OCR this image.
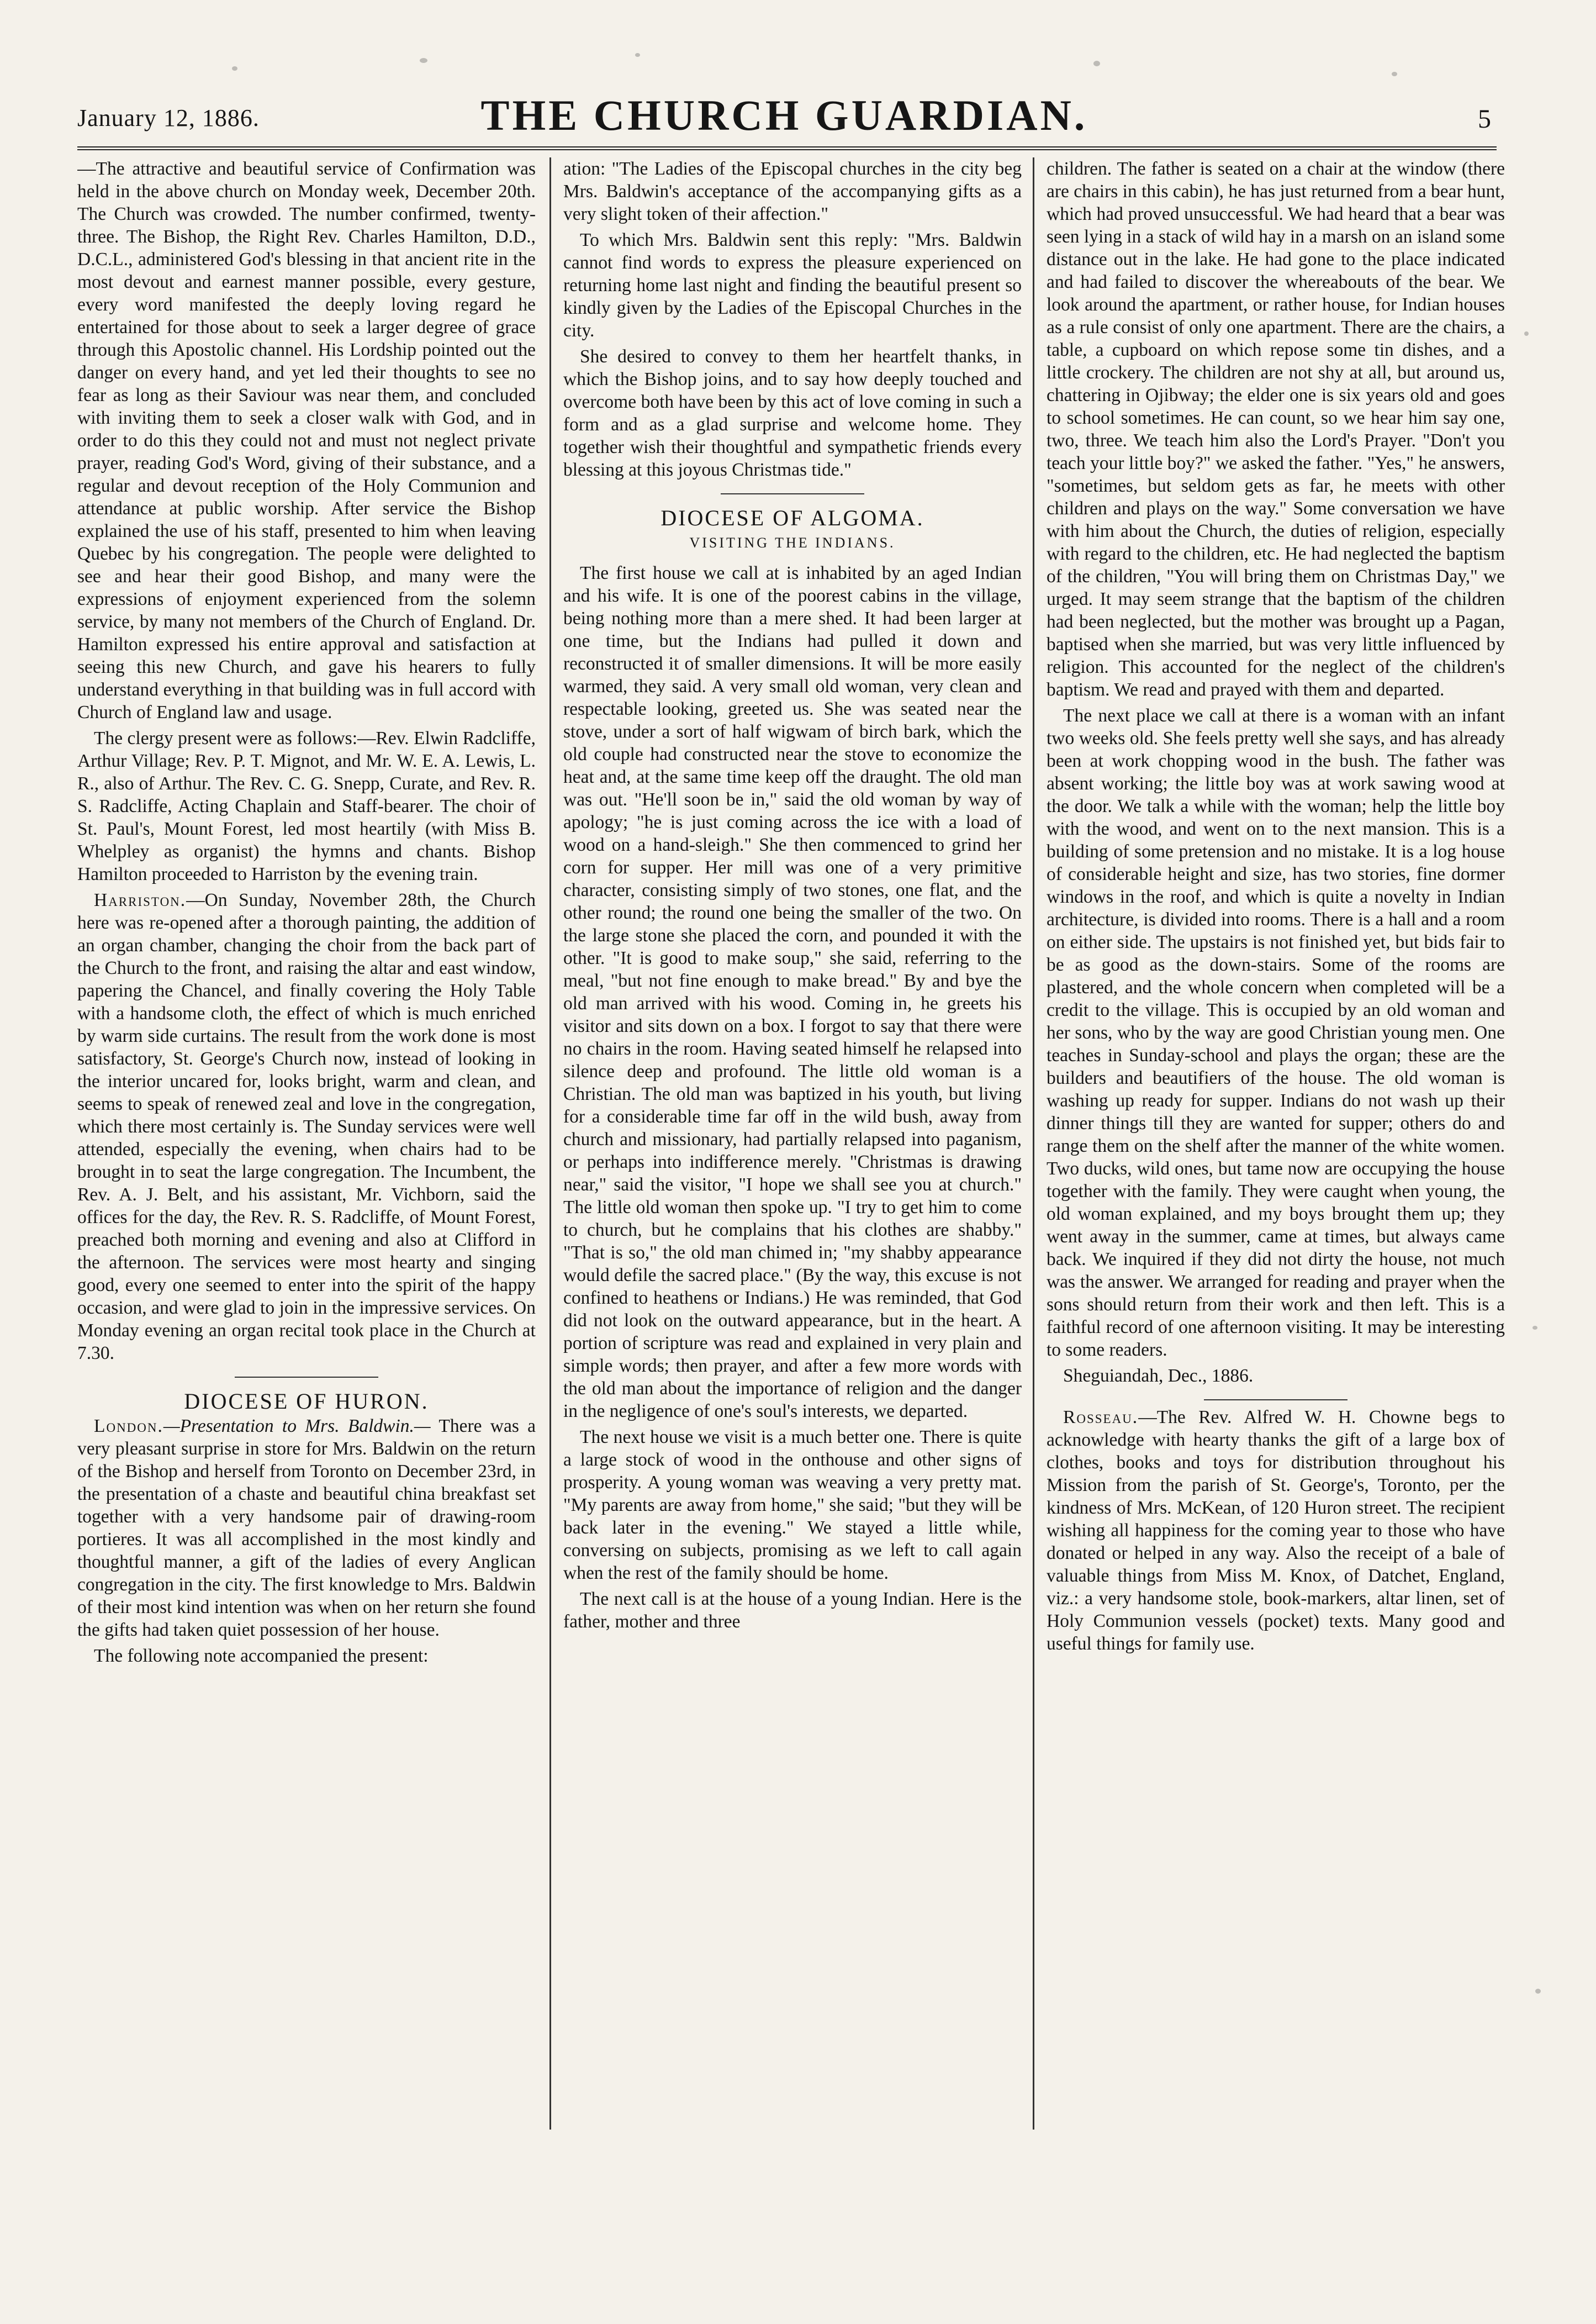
January 12, 1886.	THE CHURCH GUARDIAN.	5

—The attractive and beautiful service of Confirmation was held in the above church on Monday week, December 20th. The Church was crowded. The number confirmed, twenty-three. The Bishop, the Right Rev. Charles Hamilton, D.D., D.C.L., administered God's blessing in that ancient rite in the most devout and earnest manner possible, every gesture, every word manifested the deeply loving regard he entertained for those about to seek a larger degree of grace through this Apostolic channel. His Lordship pointed out the danger on every hand, and yet led their thoughts to see no fear as long as their Saviour was near them, and concluded with inviting them to seek a closer walk with God, and in order to do this they could not and must not neglect private prayer, reading God's Word, giving of their substance, and a regular and devout reception of the Holy Communion and attendance at public worship. After service the Bishop explained the use of his staff, presented to him when leaving Quebec by his congregation. The people were delighted to see and hear their good Bishop, and many were the expressions of enjoyment experienced from the solemn service, by many not members of the Church of England. Dr. Hamilton expressed his entire approval and satisfaction at seeing this new Church, and gave his hearers to fully understand everything in that building was in full accord with Church of England law and usage.

The clergy present were as follows:—Rev. Elwin Radcliffe, Arthur Village; Rev. P. T. Mignot, and Mr. W. E. A. Lewis, L. R., also of Arthur. The Rev. C. G. Snepp, Curate, and Rev. R. S. Radcliffe, Acting Chaplain and Staff-bearer. The choir of St. Paul's, Mount Forest, led most heartily (with Miss B. Whelpley as organist) the hymns and chants. Bishop Hamilton proceeded to Harriston by the evening train.

Harriston.—On Sunday, November 28th, the Church here was re-opened after a thorough painting, the addition of an organ chamber, changing the choir from the back part of the Church to the front, and raising the altar and east window, papering the Chancel, and finally covering the Holy Table with a handsome cloth, the effect of which is much enriched by warm side curtains. The result from the work done is most satisfactory, St. George's Church now, instead of looking in the interior uncared for, looks bright, warm and clean, and seems to speak of renewed zeal and love in the congregation, which there most certainly is. The Sunday services were well attended, especially the evening, when chairs had to be brought in to seat the large congregation. The Incumbent, the Rev. A. J. Belt, and his assistant, Mr. Vichborn, said the offices for the day, the Rev. R. S. Radcliffe, of Mount Forest, preached both morning and evening and also at Clifford in the afternoon. The services were most hearty and singing good, every one seemed to enter into the spirit of the happy occasion, and were glad to join in the impressive services. On Monday evening an organ recital took place in the Church at 7.30.

DIOCESE OF HURON.

London.—Presentation to Mrs. Baldwin.— There was a very pleasant surprise in store for Mrs. Baldwin on the return of the Bishop and herself from Toronto on December 23rd, in the presentation of a chaste and beautiful china breakfast set together with a very handsome pair of drawing-room portieres. It was all accomplished in the most kindly and thoughtful manner, a gift of the ladies of every Anglican congregation in the city. The first knowledge to Mrs. Baldwin of their most kind intention was when on her return she found the gifts had taken quiet possession of her house.

The following note accompanied the present:

ation: "The Ladies of the Episcopal churches in the city beg Mrs. Baldwin's acceptance of the accompanying gifts as a very slight token of their affection."

To which Mrs. Baldwin sent this reply: "Mrs. Baldwin cannot find words to express the pleasure experienced on returning home last night and finding the beautiful present so kindly given by the Ladies of the Episcopal Churches in the city.

She desired to convey to them her heartfelt thanks, in which the Bishop joins, and to say how deeply touched and overcome both have been by this act of love coming in such a form and as a glad surprise and welcome home. They together wish their thoughtful and sympathetic friends every blessing at this joyous Christmas tide."

DIOCESE OF ALGOMA.
VISITING THE INDIANS.

The first house we call at is inhabited by an aged Indian and his wife. It is one of the poorest cabins in the village, being nothing more than a mere shed. It had been larger at one time, but the Indians had pulled it down and reconstructed it of smaller dimensions. It will be more easily warmed, they said. A very small old woman, very clean and respectable looking, greeted us. She was seated near the stove, under a sort of half wigwam of birch bark, which the old couple had constructed near the stove to economize the heat and, at the same time keep off the draught. The old man was out. "He'll soon be in," said the old woman by way of apology; "he is just coming across the ice with a load of wood on a hand-sleigh." She then commenced to grind her corn for supper. Her mill was one of a very primitive character, consisting simply of two stones, one flat, and the other round; the round one being the smaller of the two. On the large stone she placed the corn, and pounded it with the other. "It is good to make soup," she said, referring to the meal, "but not fine enough to make bread." By and bye the old man arrived with his wood. Coming in, he greets his visitor and sits down on a box. I forgot to say that there were no chairs in the room. Having seated himself he relapsed into silence deep and profound. The little old woman is a Christian. The old man was baptized in his youth, but living for a considerable time far off in the wild bush, away from church and missionary, had partially relapsed into paganism, or perhaps into indifference merely. "Christmas is drawing near," said the visitor, "I hope we shall see you at church." The little old woman then spoke up. "I try to get him to come to church, but he complains that his clothes are shabby." "That is so," the old man chimed in; "my shabby appearance would defile the sacred place." (By the way, this excuse is not confined to heathens or Indians.) He was reminded, that God did not look on the outward appearance, but in the heart. A portion of scripture was read and explained in very plain and simple words; then prayer, and after a few more words with the old man about the importance of religion and the danger in the negligence of one's soul's interests, we departed.

The next house we visit is a much better one. There is quite a large stock of wood in the onthouse and other signs of prosperity. A young woman was weaving a very pretty mat. "My parents are away from home," she said; "but they will be back later in the evening." We stayed a little while, conversing on subjects, promising as we left to call again when the rest of the family should be home.

The next call is at the house of a young Indian. Here is the father, mother and three

children. The father is seated on a chair at the window (there are chairs in this cabin), he has just returned from a bear hunt, which had proved unsuccessful. We had heard that a bear was seen lying in a stack of wild hay in a marsh on an island some distance out in the lake. He had gone to the place indicated and had failed to discover the whereabouts of the bear. We look around the apartment, or rather house, for Indian houses as a rule consist of only one apartment. There are the chairs, a table, a cupboard on which repose some tin dishes, and a little crockery. The children are not shy at all, but around us, chattering in Ojibway; the elder one is six years old and goes to school sometimes. He can count, so we hear him say one, two, three. We teach him also the Lord's Prayer. "Don't you teach your little boy?" we asked the father. "Yes," he answers, "sometimes, but seldom gets as far, he meets with other children and plays on the way." Some conversation we have with him about the Church, the duties of religion, especially with regard to the children, etc. He had neglected the baptism of the children, "You will bring them on Christmas Day," we urged. It may seem strange that the baptism of the children had been neglected, but the mother was brought up a Pagan, baptised when she married, but was very little influenced by religion. This accounted for the neglect of the children's baptism. We read and prayed with them and departed.

The next place we call at there is a woman with an infant two weeks old. She feels pretty well she says, and has already been at work chopping wood in the bush. The father was absent working; the little boy was at work sawing wood at the door. We talk a while with the woman; help the little boy with the wood, and went on to the next mansion. This is a building of some pretension and no mistake. It is a log house of considerable height and size, has two stories, fine dormer windows in the roof, and which is quite a novelty in Indian architecture, is divided into rooms. There is a hall and a room on either side. The upstairs is not finished yet, but bids fair to be as good as the down-stairs. Some of the rooms are plastered, and the whole concern when completed will be a credit to the village. This is occupied by an old woman and her sons, who by the way are good Christian young men. One teaches in Sunday-school and plays the organ; these are the builders and beautifiers of the house. The old woman is washing up ready for supper. Indians do not wash up their dinner things till they are wanted for supper; others do and range them on the shelf after the manner of the white women. Two ducks, wild ones, but tame now are occupying the house together with the family. They were caught when young, the old woman explained, and my boys brought them up; they went away in the summer, came at times, but always came back. We inquired if they did not dirty the house, not much was the answer. We arranged for reading and prayer when the sons should return from their work and then left. This is a faithful record of one afternoon visiting. It may be interesting to some readers.

Sheguiandah, Dec., 1886.

Rosseau.—The Rev. Alfred W. H. Chowne begs to acknowledge with hearty thanks the gift of a large box of clothes, books and toys for distribution throughout his Mission from the parish of St. George's, Toronto, per the kindness of Mrs. McKean, of 120 Huron street. The recipient wishing all happiness for the coming year to those who have donated or helped in any way. Also the receipt of a bale of valuable things from Miss M. Knox, of Datchet, England, viz.: a very handsome stole, book-markers, altar linen, set of Holy Communion vessels (pocket) texts. Many good and useful things for family use.
